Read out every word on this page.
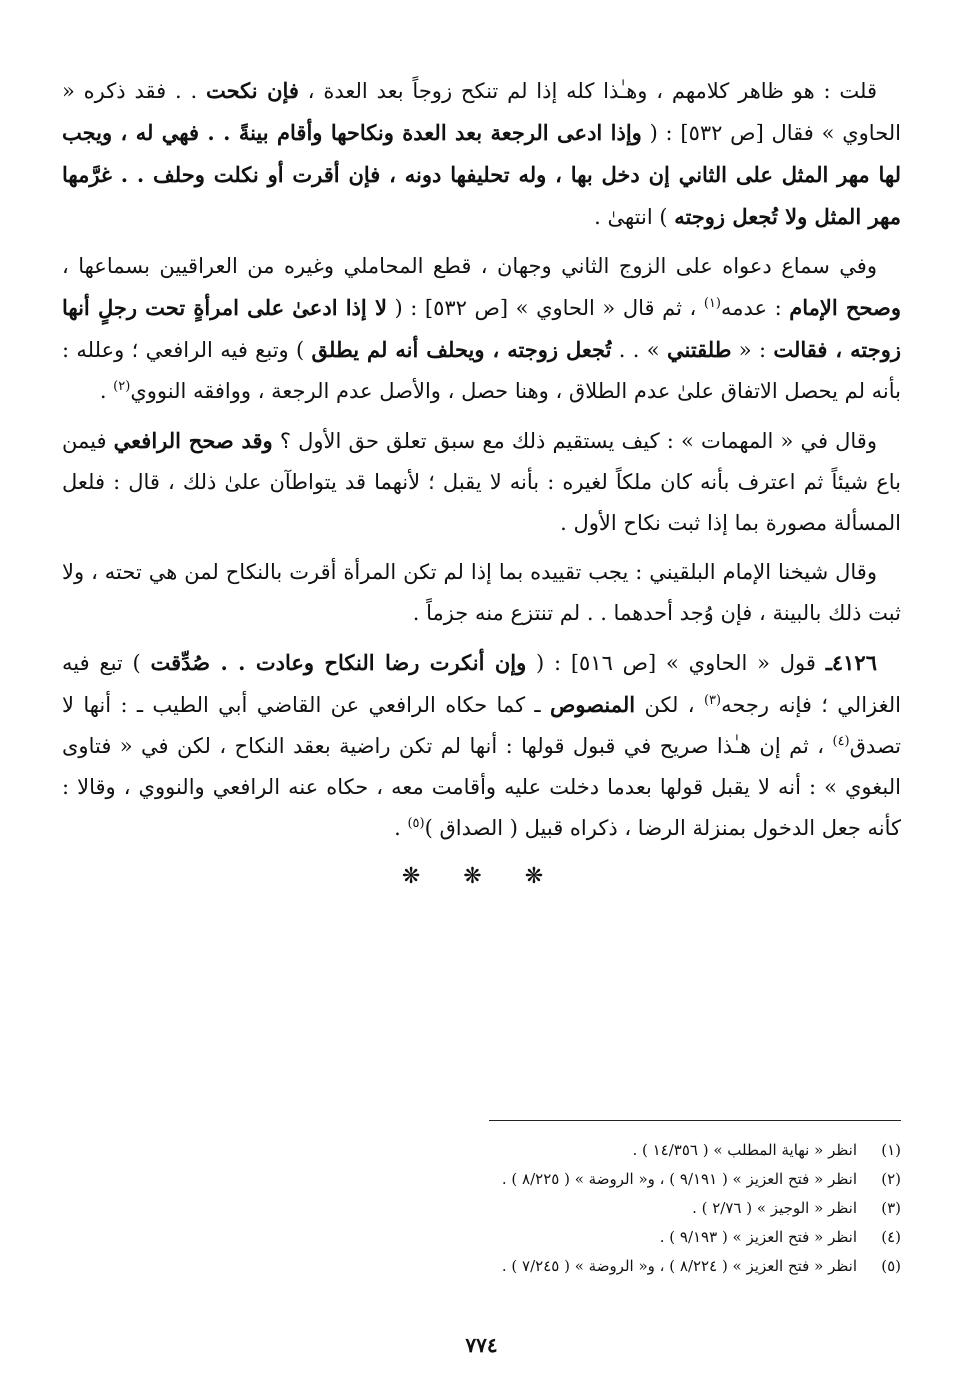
قلت : هو ظاهر كلامهم ، وهـٰذا كله إذا لم تنكح زوجاً بعد العدة ، فإن نكحت . . فقد ذكره « الحاوي » فقال [ص ٥٣٢] : ( وإذا ادعى الرجعة بعد العدة ونكاحها وأقام بينةً . . فهي له ، ويجب لها مهر المثل على الثاني إن دخل بها ، وله تحليفها دونه ، فإن أقرت أو نكلت وحلف . . غرَّمها مهر المثل ولا تُجعل زوجته ) انتهىٰ .

وفي سماع دعواه على الزوج الثاني وجهان ، قطع المحاملي وغيره من العراقيين بسماعها ، وصحح الإمام : عدمه$^{(١)}$ ، ثم قال « الحاوي » [ص ٥٣٢] : ( لا إذا ادعىٰ على امرأةٍ تحت رجلٍ أنها زوجته ، فقالت : « طلقتني » . . تُجعل زوجته ، ويحلف أنه لم يطلق ) وتبع فيه الرافعي ؛ وعلله : بأنه لم يحصل الاتفاق علىٰ عدم الطلاق ، وهنا حصل ، والأصل عدم الرجعة ، ووافقه النووي$^{(٢)}$ .

وقال في « المهمات » : كيف يستقيم ذلك مع سبق تعلق حق الأول ؟ وقد صحح الرافعي فيمن باع شيئاً ثم اعترف بأنه كان ملكاً لغيره : بأنه لا يقبل ؛ لأنهما قد يتواطآن علىٰ ذلك ، قال : فلعل المسألة مصورة بما إذا ثبت نكاح الأول .

وقال شيخنا الإمام البلقيني : يجب تقييده بما إذا لم تكن المرأة أقرت بالنكاح لمن هي تحته ، ولا ثبت ذلك بالبينة ، فإن وُجد أحدهما . . لم تنتزع منه جزماً .

٤١٢٦ـ قول « الحاوي » [ص ٥١٦] : ( وإن أنكرت رضا النكاح وعادت . . صُدِّقت ) تبع فيه الغزالي ؛ فإنه رجحه$^{(٣)}$ ، لكن المنصوص ـ كما حكاه الرافعي عن القاضي أبي الطيب ـ : أنها لا تصدق$^{(٤)}$ ، ثم إن هـٰذا صريح في قبول قولها : أنها لم تكن راضية بعقد النكاح ، لكن في « فتاوى البغوي » : أنه لا يقبل قولها بعدما دخلت عليه وأقامت معه ، حكاه عنه الرافعي والنووي ، وقالا : كأنه جعل الدخول بمنزلة الرضا ، ذكراه قبيل ( الصداق )$^{(٥)}$ .

❋ ❋ ❋
(١)
انظر « نهاية المطلب » ( ١٤/٣٥٦ ) .
(٢)
انظر « فتح العزيز » ( ٩/١٩١ ) ، و« الروضة » ( ٨/٢٢٥ ) .
(٣)
انظر « الوجيز » ( ٢/٧٦ ) .
(٤)
انظر « فتح العزيز » ( ٩/١٩٣ ) .
(٥)
انظر « فتح العزيز » ( ٨/٢٢٤ ) ، و« الروضة » ( ٧/٢٤٥ ) .
٧٧٤
